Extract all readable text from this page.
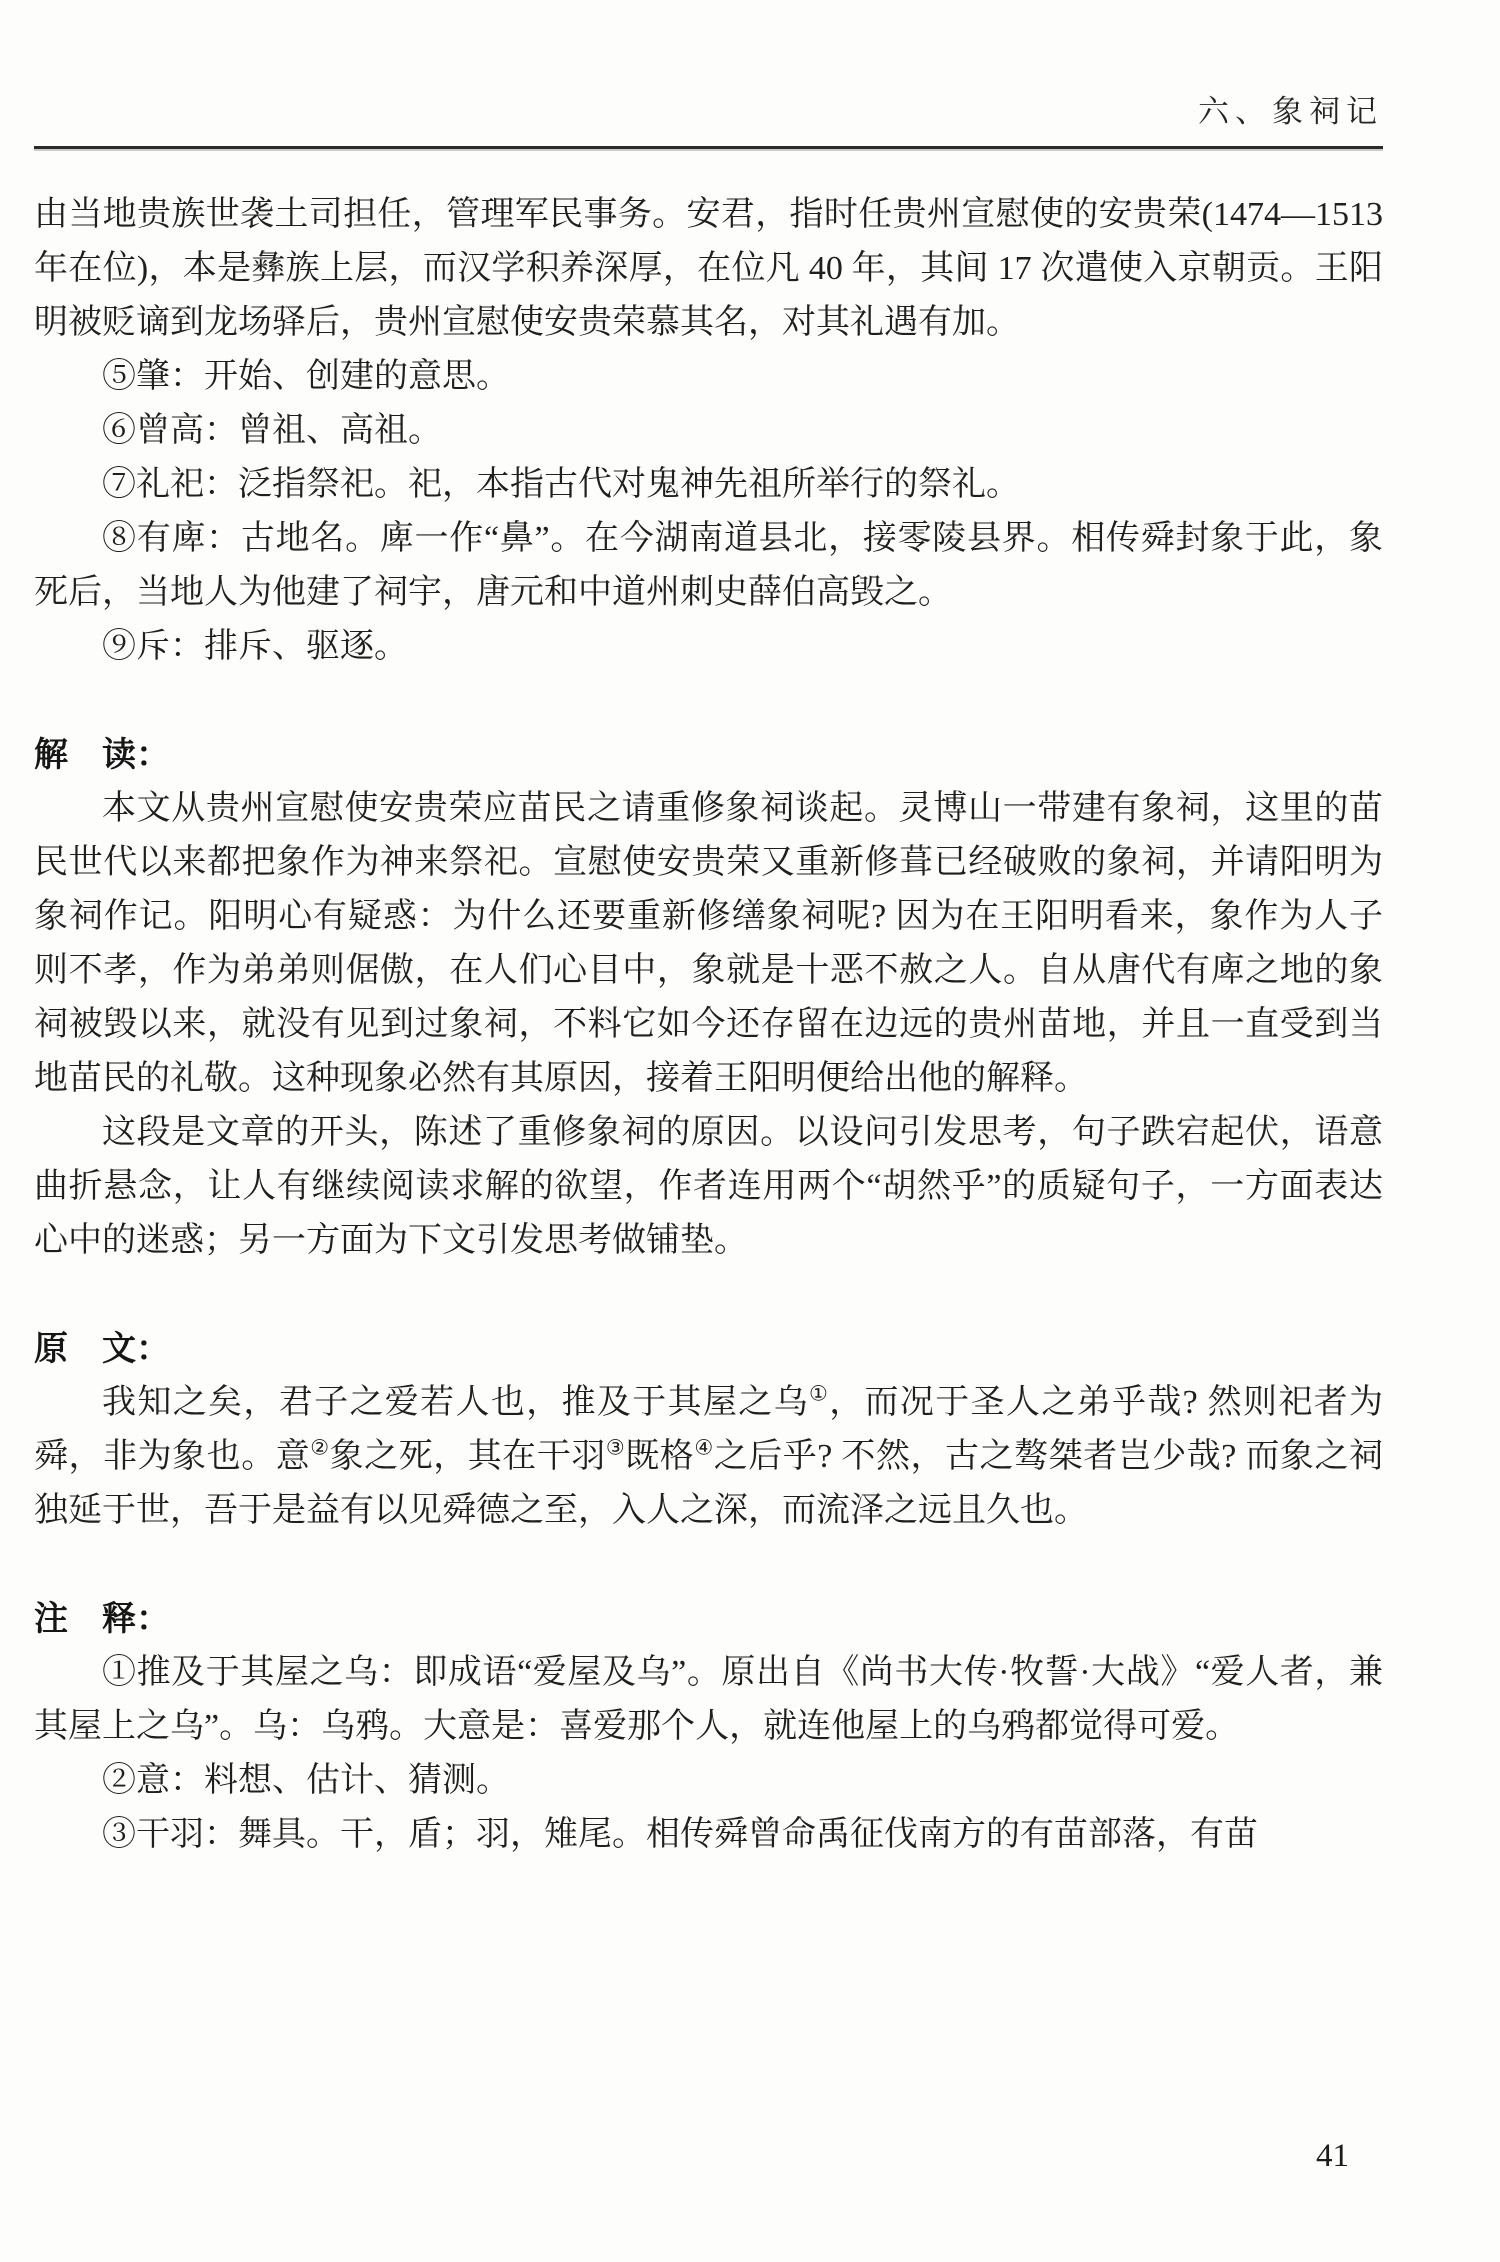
六、象祠记

由当地贵族世袭土司担任，管理军民事务。安君，指时任贵州宣慰使的安贵荣(1474—1513 年在位)，本是彝族上层，而汉学积养深厚，在位凡 40 年，其间 17 次遣使入京朝贡。王阳明被贬谪到龙场驿后，贵州宣慰使安贵荣慕其名，对其礼遇有加。

⑤肇：开始、创建的意思。

⑥曾高：曾祖、高祖。

⑦礼祀：泛指祭祀。祀，本指古代对鬼神先祖所举行的祭礼。

⑧有庳：古地名。庳一作“鼻”。在今湖南道县北，接零陵县界。相传舜封象于此，象死后，当地人为他建了祠宇，唐元和中道州刺史薛伯高毁之。

⑨斥：排斥、驱逐。

解　读：

本文从贵州宣慰使安贵荣应苗民之请重修象祠谈起。灵博山一带建有象祠，这里的苗民世代以来都把象作为神来祭祀。宣慰使安贵荣又重新修葺已经破败的象祠，并请阳明为象祠作记。阳明心有疑惑：为什么还要重新修缮象祠呢? 因为在王阳明看来，象作为人子则不孝，作为弟弟则倨傲，在人们心目中，象就是十恶不赦之人。自从唐代有庳之地的象祠被毁以来，就没有见到过象祠，不料它如今还存留在边远的贵州苗地，并且一直受到当地苗民的礼敬。这种现象必然有其原因，接着王阳明便给出他的解释。

这段是文章的开头，陈述了重修象祠的原因。以设问引发思考，句子跌宕起伏，语意曲折悬念，让人有继续阅读求解的欲望，作者连用两个“胡然乎”的质疑句子，一方面表达心中的迷惑；另一方面为下文引发思考做铺垫。

原　文：

我知之矣，君子之爱若人也，推及于其屋之乌①，而况于圣人之弟乎哉? 然则祀者为舜，非为象也。意②象之死，其在干羽③既格④之后乎? 不然，古之骜桀者岂少哉? 而象之祠独延于世，吾于是益有以见舜德之至，入人之深，而流泽之远且久也。

注　释：

①推及于其屋之乌：即成语“爱屋及乌”。原出自《尚书大传·牧誓·大战》“爱人者，兼其屋上之乌”。乌：乌鸦。大意是：喜爱那个人，就连他屋上的乌鸦都觉得可爱。

②意：料想、估计、猜测。

③干羽：舞具。干，盾；羽，雉尾。相传舜曾命禹征伐南方的有苗部落，有苗

41
